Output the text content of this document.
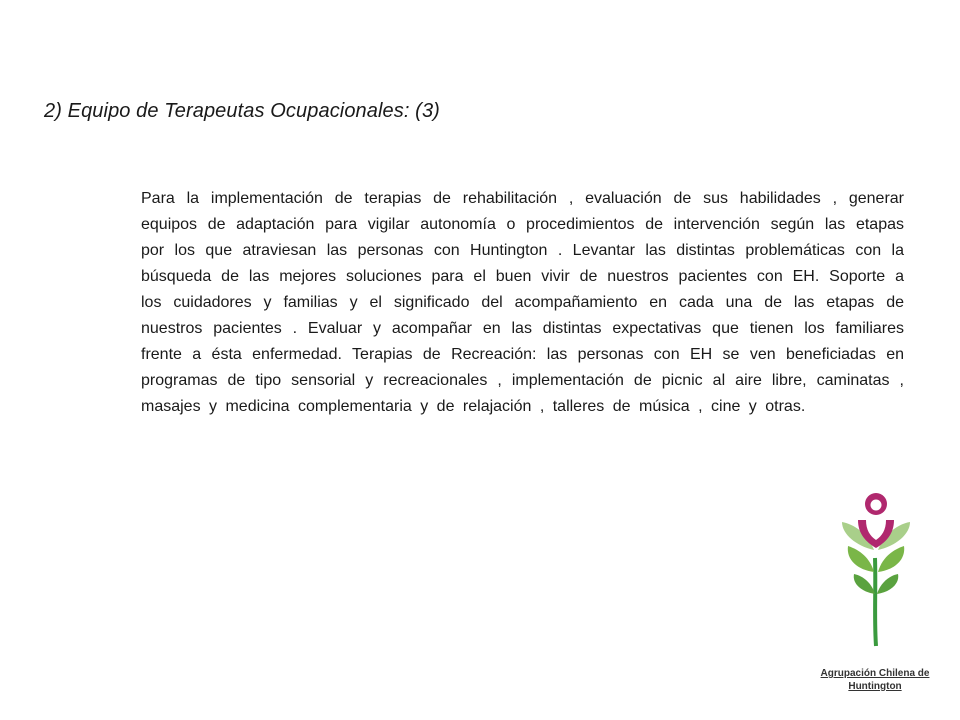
2) Equipo de Terapeutas Ocupacionales: (3)

Para la implementación de terapias de rehabilitación , evaluación de sus habilidades , generar equipos de adaptación para vigilar autonomía o procedimientos de intervención según las etapas por los que atraviesan las personas con Huntington . Levantar las distintas problemáticas con la búsqueda de las mejores soluciones para el buen vivir de nuestros pacientes con EH. Soporte a los cuidadores y familias y el significado del acompañamiento en cada una de las etapas de nuestros pacientes . Evaluar y acompañar en las distintas expectativas que tienen los familiares frente a ésta enfermedad. Terapias de Recreación: las personas con EH se ven beneficiadas en programas de tipo sensorial y recreacionales , implementación de picnic al aire libre, caminatas , masajes y medicina complementaria y de relajación , talleres de música , cine y otras.

Agrupación Chilena de
Huntington
